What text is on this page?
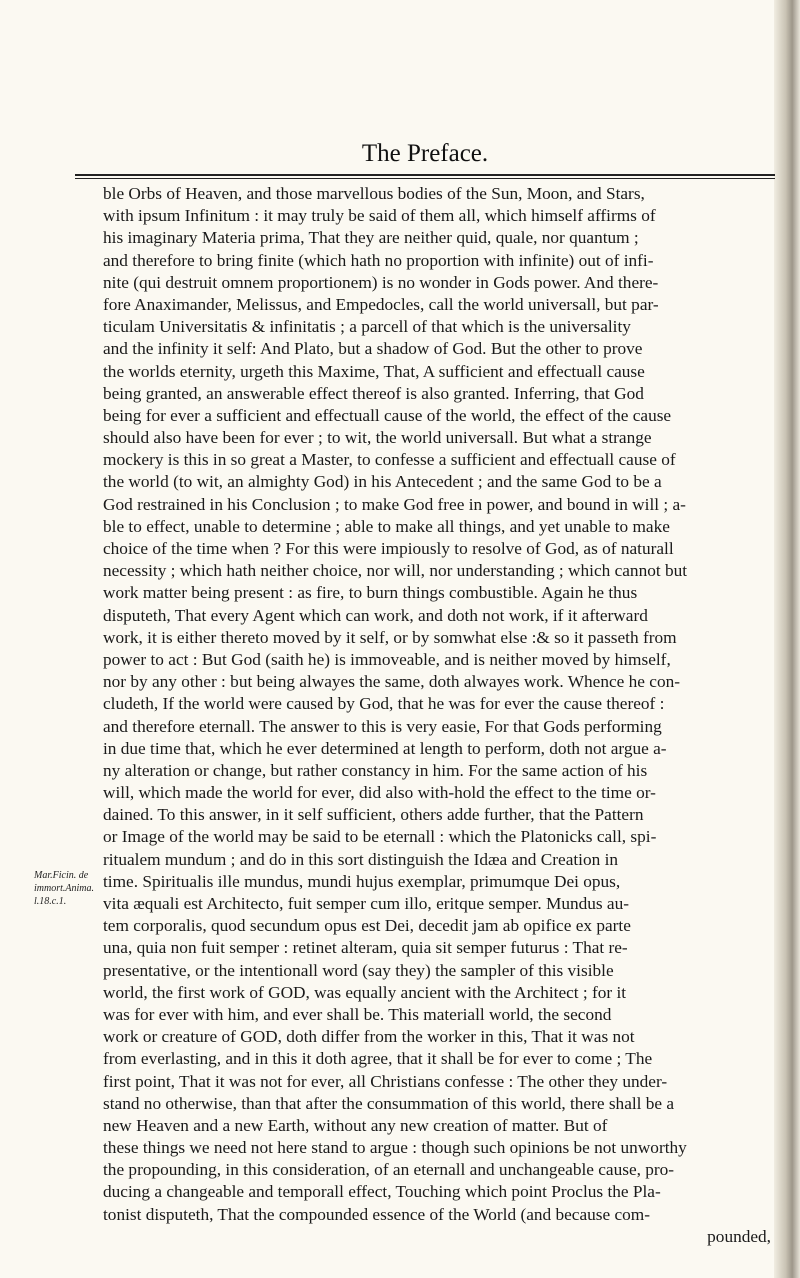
The Preface.
Mar.Ficin. de
immort.Anima.
l.18.c.1.
ble Orbs of Heaven, and those marvellous bodies of the Sun, Moon, and Stars,
with ipsum Infinitum : it may truly be said of them all, which himself affirms of
his imaginary Materia prima, That they are neither quid, quale, nor quantum ;
and therefore to bring finite (which hath no proportion with infinite) out of infi-
nite (qui destruit omnem proportionem) is no wonder in Gods power. And there-
fore Anaximander, Melissus, and Empedocles, call the world universall, but par-
ticulam Universitatis & infinitatis ; a parcell of that which is the universality
and the infinity it self: And Plato, but a shadow of God. But the other to prove
the worlds eternity, urgeth this Maxime, That, A sufficient and effectuall cause
being granted, an answerable effect thereof is also granted. Inferring, that God
being for ever a sufficient and effectuall cause of the world, the effect of the cause
should also have been for ever ; to wit, the world universall. But what a strange
mockery is this in so great a Master, to confesse a sufficient and effectuall cause of
the world (to wit, an almighty God) in his Antecedent ; and the same God to be a
God restrained in his Conclusion ; to make God free in power, and bound in will ; a-
ble to effect, unable to determine ; able to make all things, and yet unable to make
choice of the time when ? For this were impiously to resolve of God, as of naturall
necessity ; which hath neither choice, nor will, nor understanding ; which cannot but
work matter being present : as fire, to burn things combustible. Again he thus
disputeth, That every Agent which can work, and doth not work, if it afterward
work, it is either thereto moved by it self, or by somwhat else :& so it passeth from
power to act : But God (saith he) is immoveable, and is neither moved by himself,
nor by any other : but being alwayes the same, doth alwayes work. Whence he con-
cludeth, If the world were caused by God, that he was for ever the cause thereof :
and therefore eternall. The answer to this is very easie, For that Gods performing
in due time that, which he ever determined at length to perform, doth not argue a-
ny alteration or change, but rather constancy in him. For the same action of his
will, which made the world for ever, did also with-hold the effect to the time or-
dained. To this answer, in it self sufficient, others adde further, that the Pattern
or Image of the world may be said to be eternall : which the Platonicks call, spi-
ritualem mundum ; and do in this sort distinguish the Idæa and Creation in
time. Spiritualis ille mundus, mundi hujus exemplar, primumque Dei opus,
vita æquali est Architecto, fuit semper cum illo, eritque semper. Mundus au-
tem corporalis, quod secundum opus est Dei, decedit jam ab opifice ex parte
una, quia non fuit semper : retinet alteram, quia sit semper futurus : That re-
presentative, or the intentionall word (say they) the sampler of this visible
world, the first work of GOD, was equally ancient with the Architect ; for it
was for ever with him, and ever shall be. This materiall world, the second
work or creature of GOD, doth differ from the worker in this, That it was not
from everlasting, and in this it doth agree, that it shall be for ever to come ; The
first point, That it was not for ever, all Christians confesse : The other they under-
stand no otherwise, than that after the consummation of this world, there shall be a
new Heaven and a new Earth, without any new creation of matter. But of
these things we need not here stand to argue : though such opinions be not unworthy
the propounding, in this consideration, of an eternall and unchangeable cause, pro-
ducing a changeable and temporall effect, Touching which point Proclus the Pla-
tonist disputeth, That the compounded essence of the World (and because com-
pounded,
